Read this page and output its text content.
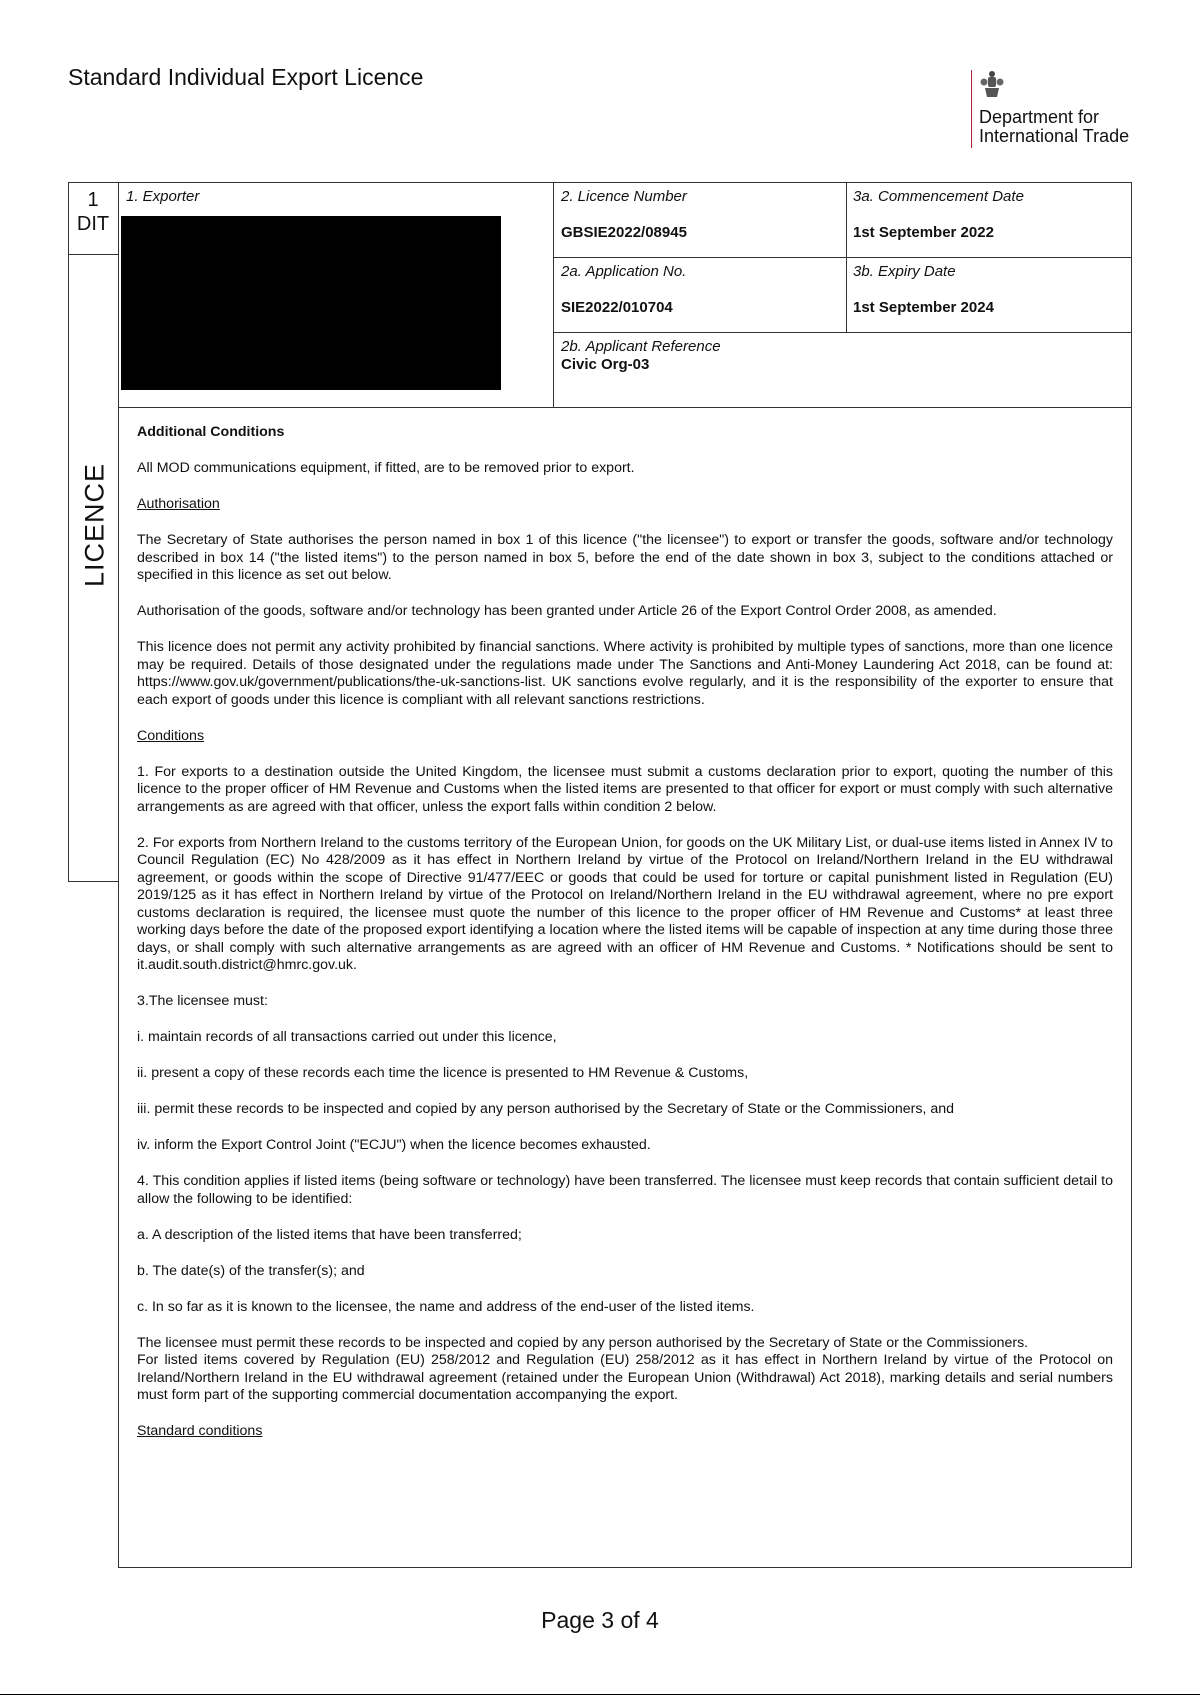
Standard Individual Export Licence
Department for
International Trade
1
DIT
LICENCE
1. Exporter	2. Licence Number
GBSIE2022/08945
3a. Commencement Date
1st September 2022
2a. Application No.
SIE2022/010704
3b. Expiry Date
1st September 2024
2b. Applicant Reference
Civic Org-03

Additional Conditions

All MOD communications equipment, if fitted, are to be removed prior to export.

Authorisation

The Secretary of State authorises the person named in box 1 of this licence ("the licensee") to export or transfer the goods, software and/or technology described in box 14 ("the listed items") to the person named in box 5, before the end of the date shown in box 3, subject to the conditions attached or specified in this licence as set out below.

Authorisation of the goods, software and/or technology has been granted under Article 26 of the Export Control Order 2008, as amended.

This licence does not permit any activity prohibited by financial sanctions. Where activity is prohibited by multiple types of sanctions, more than one licence may be required. Details of those designated under the regulations made under The Sanctions and Anti-Money Laundering Act 2018, can be found at: https://www.gov.uk/government/publications/the-uk-sanctions-list. UK sanctions evolve regularly, and it is the responsibility of the exporter to ensure that each export of goods under this licence is compliant with all relevant sanctions restrictions.

Conditions

1. For exports to a destination outside the United Kingdom, the licensee must submit a customs declaration prior to export, quoting the number of this licence to the proper officer of HM Revenue and Customs when the listed items are presented to that officer for export or must comply with such alternative arrangements as are agreed with that officer, unless the export falls within condition 2 below.

2. For exports from Northern Ireland to the customs territory of the European Union, for goods on the UK Military List, or dual-use items listed in Annex IV to Council Regulation (EC) No 428/2009 as it has effect in Northern Ireland by virtue of the Protocol on Ireland/Northern Ireland in the EU withdrawal agreement, or goods within the scope of Directive 91/477/EEC or goods that could be used for torture or capital punishment listed in Regulation (EU) 2019/125 as it has effect in Northern Ireland by virtue of the Protocol on Ireland/Northern Ireland in the EU withdrawal agreement, where no pre export customs declaration is required, the licensee must quote the number of this licence to the proper officer of HM Revenue and Customs* at least three working days before the date of the proposed export identifying a location where the listed items will be capable of inspection at any time during those three days, or shall comply with such alternative arrangements as are agreed with an officer of HM Revenue and Customs. * Notifications should be sent to it.audit.south.district@hmrc.gov.uk.

3.The licensee must:

i. maintain records of all transactions carried out under this licence,

ii. present a copy of these records each time the licence is presented to HM Revenue & Customs,

iii. permit these records to be inspected and copied by any person authorised by the Secretary of State or the Commissioners, and

iv. inform the Export Control Joint ("ECJU") when the licence becomes exhausted.

4. This condition applies if listed items (being software or technology) have been transferred. The licensee must keep records that contain sufficient detail to allow the following to be identified:

a. A description of the listed items that have been transferred;

b. The date(s) of the transfer(s); and

c. In so far as it is known to the licensee, the name and address of the end-user of the listed items.

The licensee must permit these records to be inspected and copied by any person authorised by the Secretary of State or the Commissioners.

For listed items covered by Regulation (EU) 258/2012 and Regulation (EU) 258/2012 as it has effect in Northern Ireland by virtue of the Protocol on Ireland/Northern Ireland in the EU withdrawal agreement (retained under the European Union (Withdrawal) Act 2018), marking details and serial numbers must form part of the supporting commercial documentation accompanying the export.

Standard conditions

Page 3 of 4
